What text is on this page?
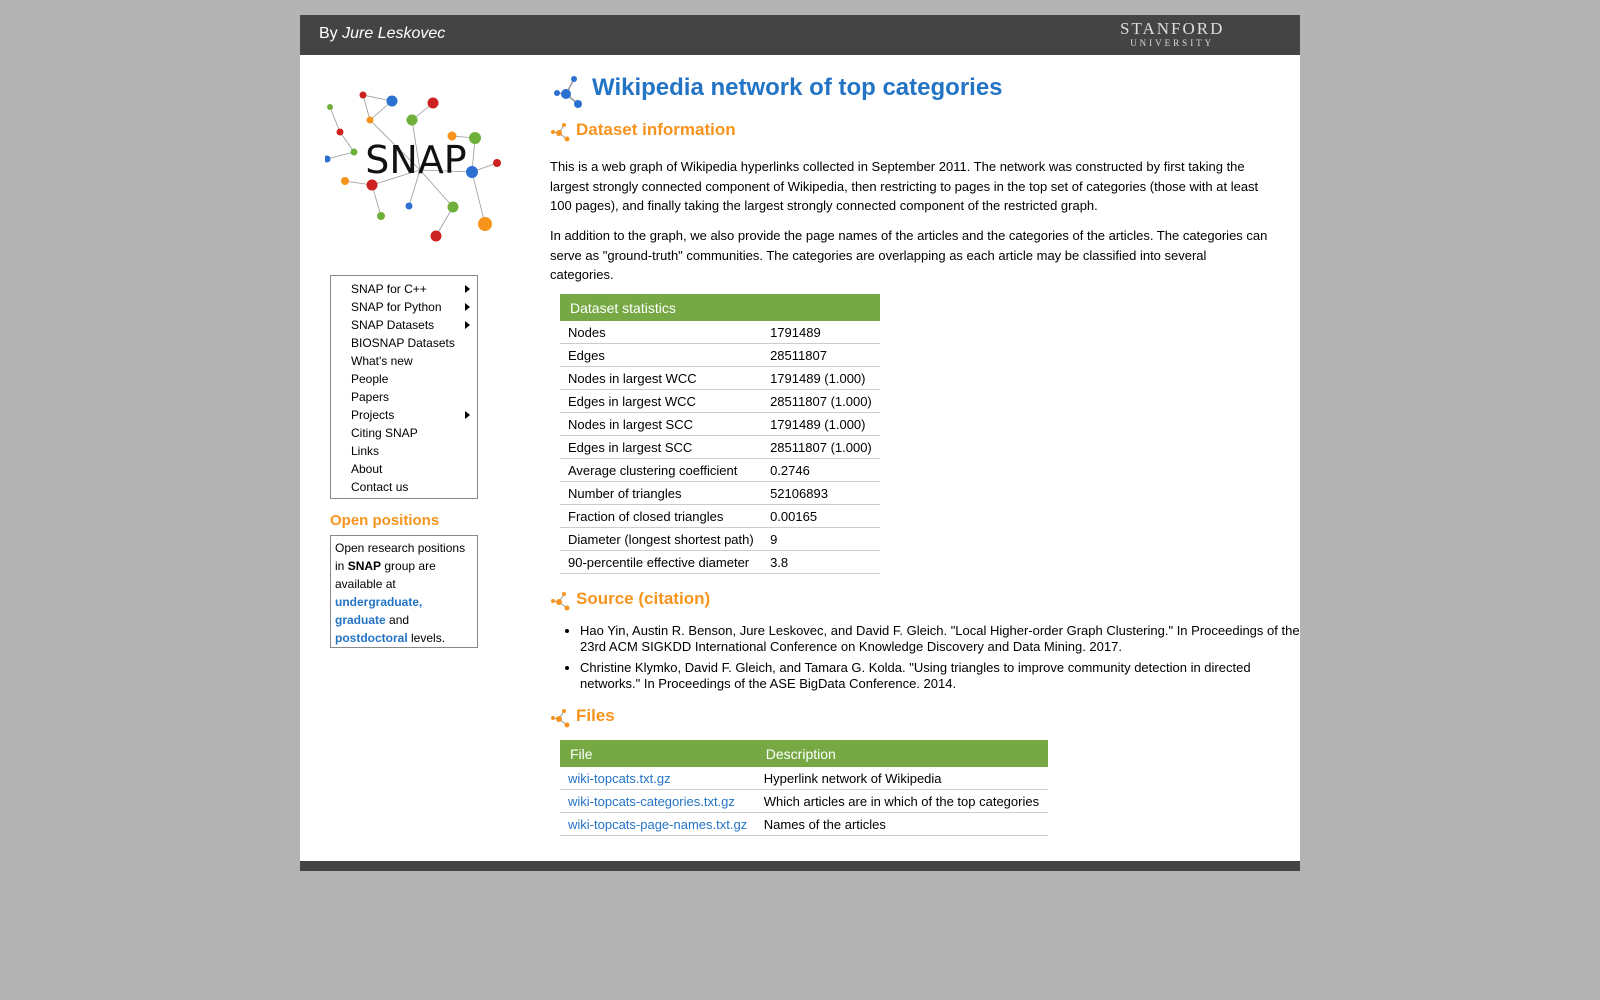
By Jure Leskovec	STANFORD
UNIVERSITY
SNAP
SNAP for C++
SNAP for Python
SNAP Datasets
BIOSNAP Datasets
What's new
People
Papers
Projects
Citing SNAP
Links
About
Contact us
Open positions
Open research positions in SNAP group are available at
undergraduate,
graduate and
postdoctoral levels.
Wikipedia network of top categories
Dataset information
This is a web graph of Wikipedia hyperlinks collected in September 2011. The network was constructed by first taking the largest strongly connected component of Wikipedia, then restricting to pages in the top set of categories (those with at least 100 pages), and finally taking the largest strongly connected component of the restricted graph.
In addition to the graph, we also provide the page names of the articles and the categories of the articles. The categories can serve as "ground-truth" communities. The categories are overlapping as each article may be classified into several categories.
Dataset statistics	
Nodes	1791489
Edges	28511807
Nodes in largest WCC	1791489 (1.000)
Edges in largest WCC	28511807 (1.000)
Nodes in largest SCC	1791489 (1.000)
Edges in largest SCC	28511807 (1.000)
Average clustering coefficient	0.2746
Number of triangles	52106893
Fraction of closed triangles	0.00165
Diameter (longest shortest path)	9
90-percentile effective diameter	3.8
Source (citation)
• Hao Yin, Austin R. Benson, Jure Leskovec, and David F. Gleich. "Local Higher-order Graph Clustering." In Proceedings of the 23rd ACM SIGKDD International Conference on Knowledge Discovery and Data Mining. 2017.
• Christine Klymko, David F. Gleich, and Tamara G. Kolda. "Using triangles to improve community detection in directed networks." In Proceedings of the ASE BigData Conference. 2014.
Files
File	Description
wiki-topcats.txt.gz	Hyperlink network of Wikipedia
wiki-topcats-categories.txt.gz	Which articles are in which of the top categories
wiki-topcats-page-names.txt.gz	Names of the articles
